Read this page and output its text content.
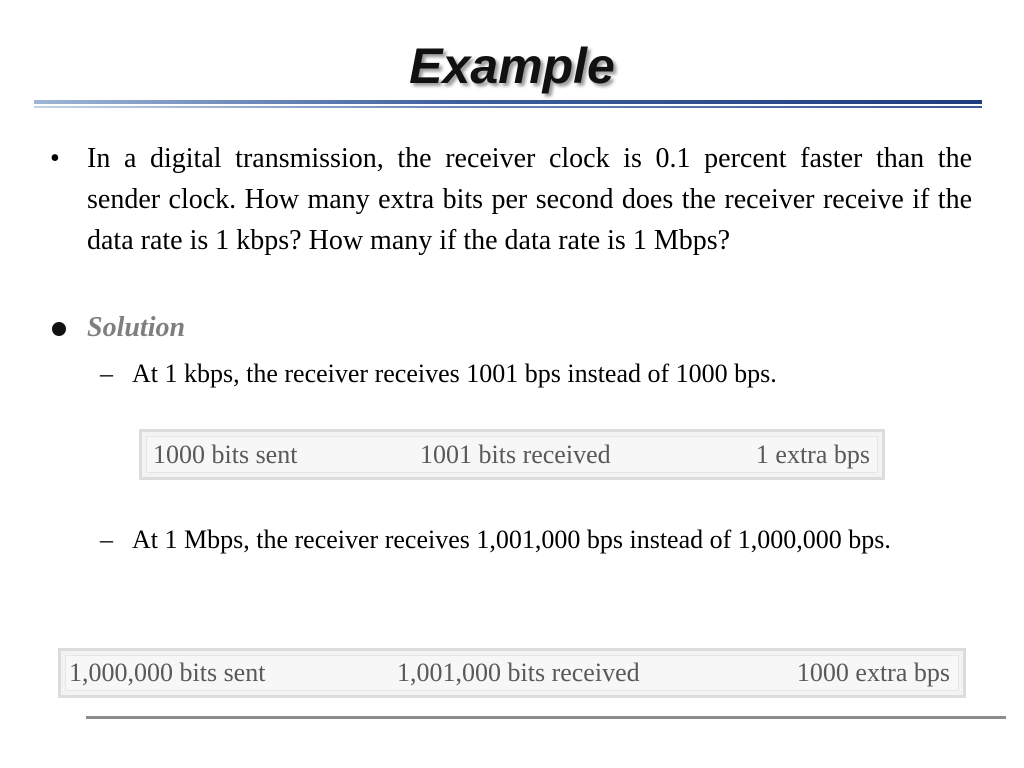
Example
• In a digital transmission, the receiver clock is 0.1 percent faster than the sender clock. How many extra bits per second does the receiver receive if the data rate is 1 kbps? How many if the data rate is 1 Mbps?
Solution
– At 1 kbps, the receiver receives 1001 bps instead of 1000 bps.
1000 bits sent	1001 bits received	1 extra bps
– At 1 Mbps, the receiver receives 1,001,000 bps instead of 1,000,000 bps.
1,000,000 bits sent	1,001,000 bits received	1000 extra bps
